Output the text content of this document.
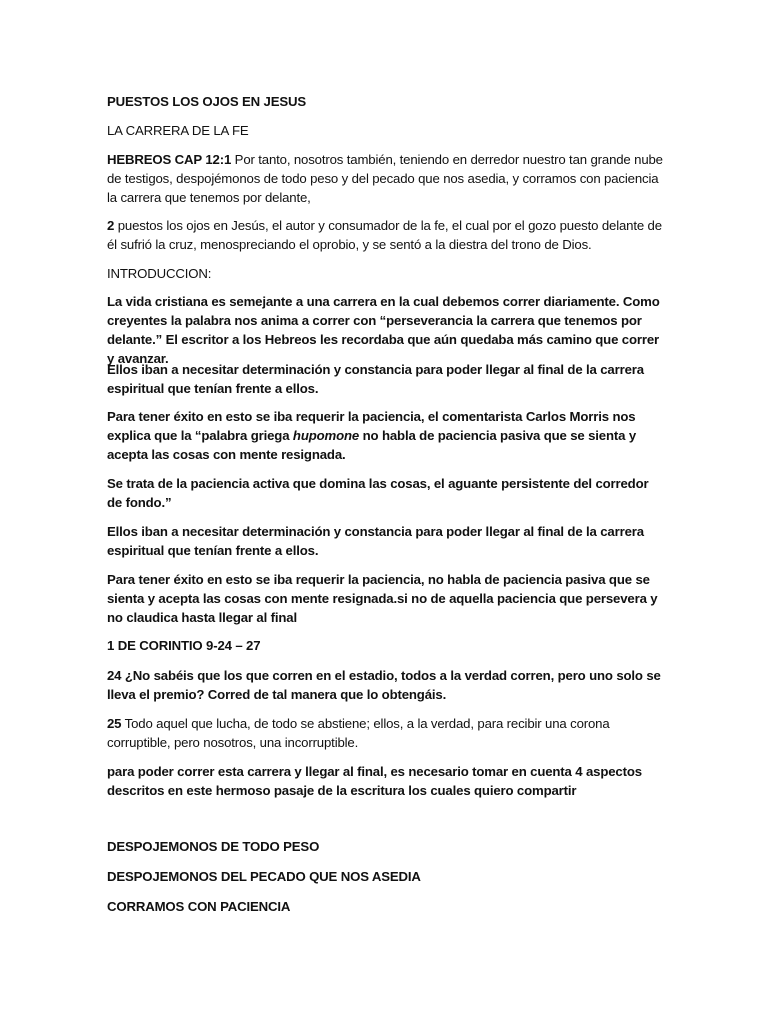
PUESTOS LOS OJOS EN JESUS

LA CARRERA DE LA FE

HEBREOS CAP 12:1 Por tanto, nosotros también, teniendo en derredor nuestro tan grande nube de testigos, despojémonos de todo peso y del pecado que nos asedia, y corramos con paciencia la carrera que tenemos por delante,

2 puestos los ojos en Jesús, el autor y consumador de la fe, el cual por el gozo puesto delante de él sufrió la cruz, menospreciando el oprobio, y se sentó a la diestra del trono de Dios.

INTRODUCCION:

La vida cristiana es semejante a una carrera en la cual debemos correr diariamente. Como creyentes la palabra nos anima a correr con “perseverancia la carrera que tenemos por delante.” El escritor a los Hebreos les recordaba que aún quedaba más camino que correr y avanzar.

Ellos iban a necesitar determinación y constancia para poder llegar al final de la carrera espiritual que tenían frente a ellos.

Para tener éxito en esto se iba requerir la paciencia, el comentarista Carlos Morris nos explica que la “palabra griega hupomone no habla de paciencia pasiva que se sienta y acepta las cosas con mente resignada.

Se trata de la paciencia activa que domina las cosas, el aguante persistente del corredor de fondo.”

Ellos iban a necesitar determinación y constancia para poder llegar al final de la carrera espiritual que tenían frente a ellos.

Para tener éxito en esto se iba requerir la paciencia, no habla de paciencia pasiva que se sienta y acepta las cosas con mente resignada.si no de aquella paciencia que persevera y no claudica hasta llegar al final

1 DE CORINTIO 9-24 – 27

24 ¿No sabéis que los que corren en el estadio, todos a la verdad corren, pero uno solo se lleva el premio? Corred de tal manera que lo obtengáis.

25 Todo aquel que lucha, de todo se abstiene; ellos, a la verdad, para recibir una corona corruptible, pero nosotros, una incorruptible.

para poder correr esta carrera y llegar al final, es necesario tomar en cuenta 4 aspectos descritos en este hermoso pasaje de la escritura los cuales quiero compartir

DESPOJEMONOS DE TODO PESO

DESPOJEMONOS DEL PECADO QUE NOS ASEDIA

CORRAMOS CON PACIENCIA
